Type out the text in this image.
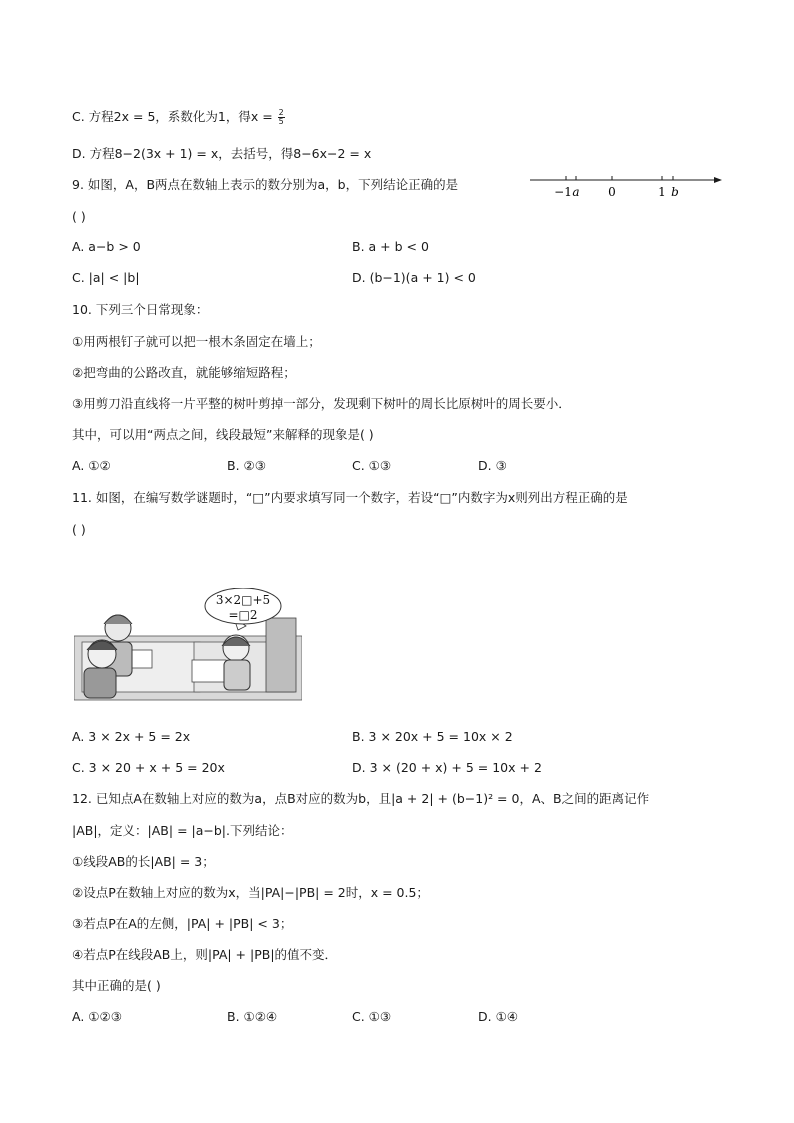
C. 方程2x = 5，系数化为1，得$x = \frac{2}{5}$
D. 方程8−2(3x + 1) = x，去括号，得8−6x−2 = x
9. 如图，A，B两点在数轴上表示的数分别为a，b，下列结论正确的是	−1 a 0	1 b
( )
A. a−b > 0	B. a + b < 0
C. |a| < |b|	D. (b−1)(a + 1) < 0
10. 下列三个日常现象：
①用两根钉子就可以把一根木条固定在墙上；
②把弯曲的公路改直，就能够缩短路程；
③用剪刀沿直线将一片平整的树叶剪掉一部分，发现剩下树叶的周长比原树叶的周长要小．
其中，可以用“两点之间，线段最短”来解释的现象是( )
A. ①②	B. ②③	C. ①③	D. ③
11. 如图，在编写数学谜题时，“□”内要求填写同一个数字，若设“□”内数字为x则列出方程正确的是
( )
3×2□+5
=□2
A. 3 × 2x + 5 = 2x	B. 3 × 20x + 5 = 10x × 2
C. 3 × 20 + x + 5 = 20x	D. 3 × (20 + x) + 5 = 10x + 2
12. 已知点A在数轴上对应的数为a，点B对应的数为b，且|a + 2| + (b−1)² = 0，A、B之间的距离记作
|AB|，定义：|AB| = |a−b|.下列结论：
①线段AB的长|AB| = 3；
②设点P在数轴上对应的数为x，当|PA|−|PB| = 2时，x = 0.5；
③若点P在A的左侧，|PA| + |PB| < 3；
④若点P在线段AB上，则|PA| + |PB|的值不变．
其中正确的是( )
A. ①②③	B. ①②④	C. ①③	D. ①④
